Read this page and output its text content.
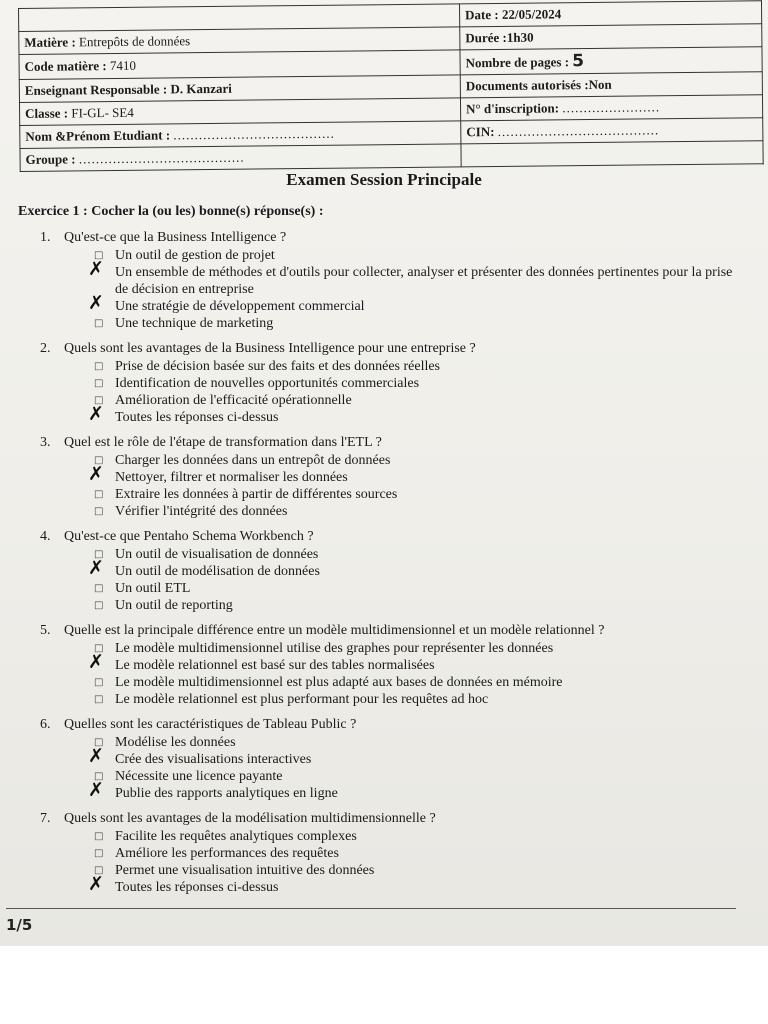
	Date : 22/05/2024
Matière : Entrepôts de données	Durée :1h30
Code matière : 7410	Nombre de pages : 5
Enseignant Responsable : D. Kanzari	Documents autorisés :Non
Classe : FI-GL- SE4	N° d'inscription: .......................
Nom &Prénom Etudiant : ......................................	CIN: ......................................
Groupe : .......................................	
Examen Session Principale
Exercice 1 : Cocher la (ou les) bonne(s) réponse(s) :
1. Qu'est-ce que la Business Intelligence ?
□ Un outil de gestion de projet
✗ Un ensemble de méthodes et d'outils pour collecter, analyser et présenter des données pertinentes pour la prise de décision en entreprise
✗ Une stratégie de développement commercial
□ Une technique de marketing
2. Quels sont les avantages de la Business Intelligence pour une entreprise ?
□ Prise de décision basée sur des faits et des données réelles
□ Identification de nouvelles opportunités commerciales
□ Amélioration de l'efficacité opérationnelle
✗ Toutes les réponses ci-dessus
3. Quel est le rôle de l'étape de transformation dans l'ETL ?
□ Charger les données dans un entrepôt de données
✗ Nettoyer, filtrer et normaliser les données
□ Extraire les données à partir de différentes sources
□ Vérifier l'intégrité des données
4. Qu'est-ce que Pentaho Schema Workbench ?
□ Un outil de visualisation de données
✗ Un outil de modélisation de données
□ Un outil ETL
□ Un outil de reporting
5. Quelle est la principale différence entre un modèle multidimensionnel et un modèle relationnel ?
□ Le modèle multidimensionnel utilise des graphes pour représenter les données
✗ Le modèle relationnel est basé sur des tables normalisées
□ Le modèle multidimensionnel est plus adapté aux bases de données en mémoire
□ Le modèle relationnel est plus performant pour les requêtes ad hoc
6. Quelles sont les caractéristiques de Tableau Public ?
□ Modélise les données
✗ Crée des visualisations interactives
□ Nécessite une licence payante
✗ Publie des rapports analytiques en ligne
7. Quels sont les avantages de la modélisation multidimensionnelle ?
□ Facilite les requêtes analytiques complexes
□ Améliore les performances des requêtes
□ Permet une visualisation intuitive des données
✗ Toutes les réponses ci-dessus
1/5
